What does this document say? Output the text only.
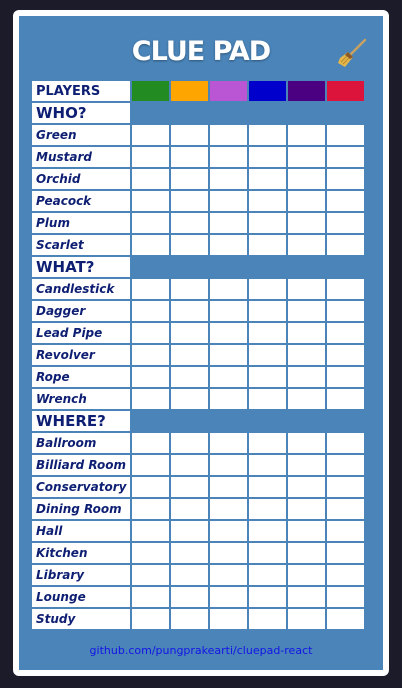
CLUE PAD
PLAYERS						
WHO?						
Green						
Mustard						
Orchid						
Peacock						
Plum						
Scarlet						
WHAT?						
Candlestick						
Dagger						
Lead Pipe						
Revolver						
Rope						
Wrench						
WHERE?						
Ballroom						
Billiard Room						
Conservatory						
Dining Room						
Hall						
Kitchen						
Library						
Lounge						
Study						
github.com/pungprakearti/cluepad-react
